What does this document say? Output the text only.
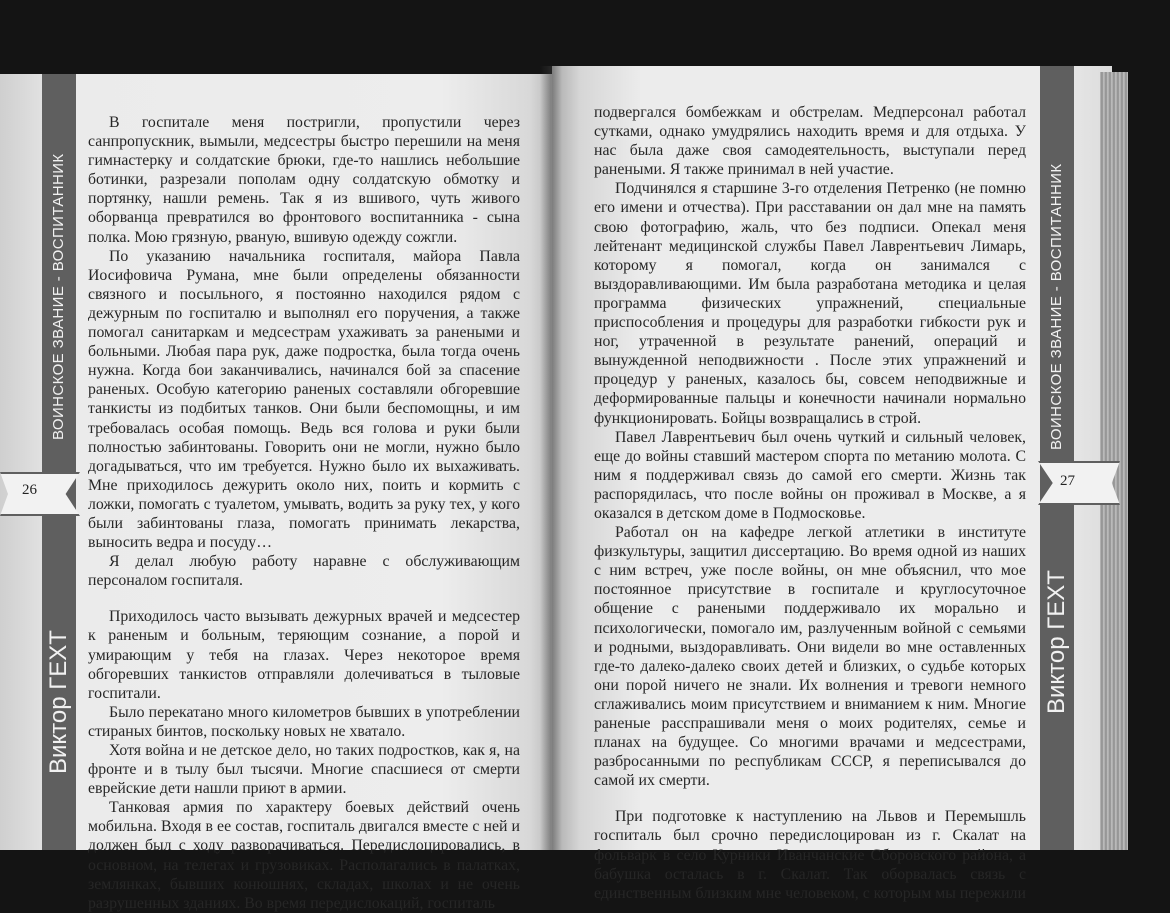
ВОИНСКОЕ ЗВАНИЕ - ВОСПИТАННИК
Виктор ГЕХТ
ВОИНСКОЕ ЗВАНИЕ - ВОСПИТАННИК
Виктор ГЕХТ
26
27

В госпитале меня постригли, пропустили через санпропускник, вымыли, медсестры быстро перешили на меня гимнастерку и солдатские брюки, где-то нашлись небольшие ботинки, разрезали пополам одну солдатскую обмотку и портянку, нашли ремень. Так я из вшивого, чуть живого оборванца превратился во фронтового воспитанника - сына полка. Мою грязную, рваную, вшивую одежду сожгли.

По указанию начальника госпиталя, майора Павла Иосифовича Румана, мне были определены обязанности связного и посыльного, я постоянно находился рядом с дежурным по госпиталю и выполнял его поручения, а также помогал санитаркам и медсестрам ухаживать за ранеными и больными. Любая пара рук, даже подростка, была тогда очень нужна. Когда бои заканчивались, начинался бой за спасение раненых. Особую категорию раненых составляли обгоревшие танкисты из подбитых танков. Они были беспомощны, и им требовалась особая помощь. Ведь вся голова и руки были полностью забинтованы. Говорить они не могли, нужно было догадываться, что им требуется. Нужно было их выхаживать. Мне приходилось дежурить около них, поить и кормить с ложки, помогать с туалетом, умывать, водить за руку тех, у кого были забинтованы глаза, помогать принимать лекарства, выносить ведра и посуду…

Я делал любую работу наравне с обслуживающим персоналом госпиталя.

Приходилось часто вызывать дежурных врачей и медсестер к раненым и больным, теряющим сознание, а порой и умирающим у тебя на глазах. Через некоторое время обгоревших танкистов отправляли долечиваться в тыловые госпитали.

Было перекатано много километров бывших в употреблении стираных бинтов, поскольку новых не хватало.

Хотя война и не детское дело, но таких подростков, как я, на фронте и в тылу был тысячи. Многие спасшиеся от смерти еврейские дети нашли приют в армии.

Танковая армия по характеру боевых действий очень мобильна. Входя в ее состав, госпиталь двигался вместе с ней и должен был с ходу разворачиваться. Передислоцировались, в основном, на телегах и грузовиках. Располагались в палатках, землянках, бывших конюшнях, складах, школах и не очень разрушенных зданиях. Во время передислокаций, госпиталь

подвергался бомбежкам и обстрелам. Медперсонал работал сутками, однако умудрялись находить время и для отдыха. У нас была даже своя самодеятельность, выступали перед ранеными. Я также принимал в ней участие.

Подчинялся я старшине 3-го отделения Петренко (не помню его имени и отчества). При расставании он дал мне на память свою фотографию, жаль, что без подписи. Опекал меня лейтенант медицинской службы Павел Лаврентьевич Лимарь, которому я помогал, когда он занимался с выздоравливающими. Им была разработана методика и целая программа физических упражнений, специальные приспособления и процедуры для разработки гибкости рук и ног, утраченной в результате ранений, операций и вынужденной неподвижности . После этих упражнений и процедур у раненых, казалось бы, совсем неподвижные и деформированные пальцы и конечности начинали нормально функционировать. Бойцы возвращались в строй.

Павел Лаврентьевич был очень чуткий и сильный человек, еще до войны ставший мастером спорта по метанию молота. С ним я поддерживал связь до самой его смерти. Жизнь так распорядилась, что после войны он проживал в Москве, а я оказался в детском доме в Подмосковье.

Работал он на кафедре легкой атлетики в институте физкультуры, защитил диссертацию. Во время одной из наших с ним встреч, уже после войны, он мне объяснил, что мое постоянное присутствие в госпитале и круглосуточное общение с ранеными поддерживало их морально и психологически, помогало им, разлученным войной с семьями и родными, выздоравливать. Они видели во мне оставленных где-то далеко-далеко своих детей и близких, о судьбе которых они порой ничего не знали. Их волнения и тревоги немного сглаживались моим присутствием и вниманием к ним. Многие раненые расспрашивали меня о моих родителях, семье и планах на будущее. Со многими врачами и медсестрами, разбросанными по республикам СССР, я переписывался до самой их смерти.

При подготовке к наступлению на Львов и Перемышль госпиталь был срочно передислоцирован из г. Скалат на фольварк в село Курники Иванчанские Сборовского района, а бабушка осталась в г. Скалат. Так оборвалась связь с единственным близким мне человеком, с которым мы пережили
